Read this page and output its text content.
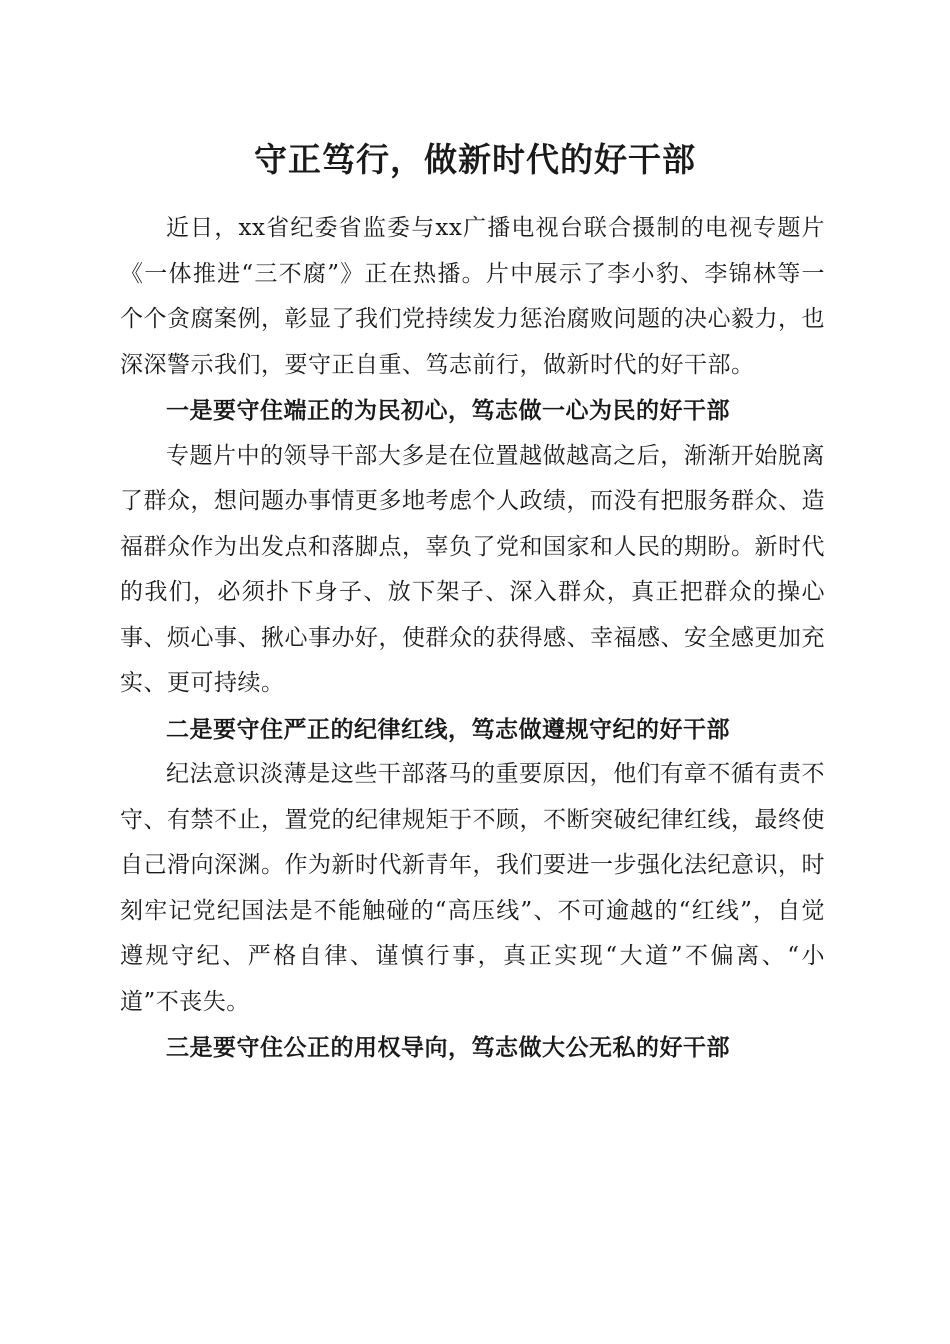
守正笃行，做新时代的好干部

近日，xx省纪委省监委与xx广播电视台联合摄制的电视专题片《一体推进“三不腐”》正在热播。片中展示了李小豹、李锦林等一个个贪腐案例，彰显了我们党持续发力惩治腐败问题的决心毅力，也深深警示我们，要守正自重、笃志前行，做新时代的好干部。

一是要守住端正的为民初心，笃志做一心为民的好干部

专题片中的领导干部大多是在位置越做越高之后，渐渐开始脱离了群众，想问题办事情更多地考虑个人政绩，而没有把服务群众、造福群众作为出发点和落脚点，辜负了党和国家和人民的期盼。新时代的我们，必须扑下身子、放下架子、深入群众，真正把群众的操心事、烦心事、揪心事办好，使群众的获得感、幸福感、安全感更加充实、更可持续。

二是要守住严正的纪律红线，笃志做遵规守纪的好干部

纪法意识淡薄是这些干部落马的重要原因，他们有章不循有责不守、有禁不止，置党的纪律规矩于不顾，不断突破纪律红线，最终使自己滑向深渊。作为新时代新青年，我们要进一步强化法纪意识，时刻牢记党纪国法是不能触碰的“高压线”、不可逾越的“红线”，自觉遵规守纪、严格自律、谨慎行事，真正实现“大道”不偏离、“小道”不丧失。

三是要守住公正的用权导向，笃志做大公无私的好干部
